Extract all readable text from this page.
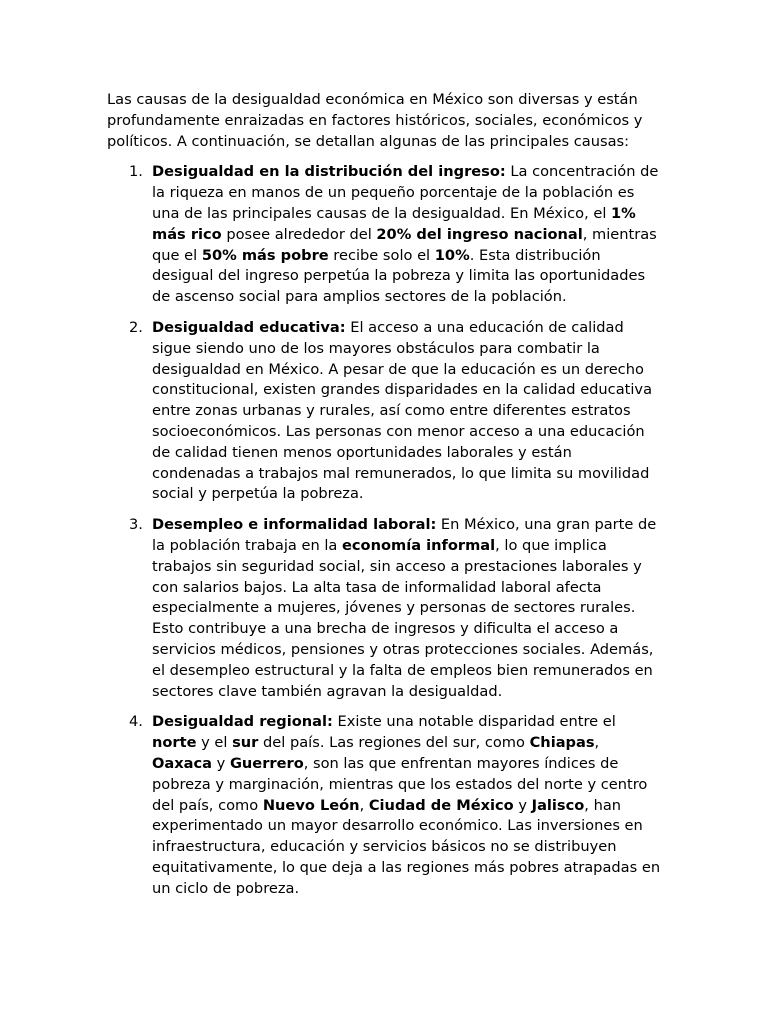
Las causas de la desigualdad económica en México son diversas y están profundamente enraizadas en factores históricos, sociales, económicos y políticos. A continuación, se detallan algunas de las principales causas:

1. Desigualdad en la distribución del ingreso: La concentración de la riqueza en manos de un pequeño porcentaje de la población es una de las principales causas de la desigualdad. En México, el 1% más rico posee alrededor del 20% del ingreso nacional, mientras que el 50% más pobre recibe solo el 10%. Esta distribución desigual del ingreso perpetúa la pobreza y limita las oportunidades de ascenso social para amplios sectores de la población.
2. Desigualdad educativa: El acceso a una educación de calidad sigue siendo uno de los mayores obstáculos para combatir la desigualdad en México. A pesar de que la educación es un derecho constitucional, existen grandes disparidades en la calidad educativa entre zonas urbanas y rurales, así como entre diferentes estratos socioeconómicos. Las personas con menor acceso a una educación de calidad tienen menos oportunidades laborales y están condenadas a trabajos mal remunerados, lo que limita su movilidad social y perpetúa la pobreza.
3. Desempleo e informalidad laboral: En México, una gran parte de la población trabaja en la economía informal, lo que implica trabajos sin seguridad social, sin acceso a prestaciones laborales y con salarios bajos. La alta tasa de informalidad laboral afecta especialmente a mujeres, jóvenes y personas de sectores rurales. Esto contribuye a una brecha de ingresos y dificulta el acceso a servicios médicos, pensiones y otras protecciones sociales. Además, el desempleo estructural y la falta de empleos bien remunerados en sectores clave también agravan la desigualdad.
4. Desigualdad regional: Existe una notable disparidad entre el norte y el sur del país. Las regiones del sur, como Chiapas, Oaxaca y Guerrero, son las que enfrentan mayores índices de pobreza y marginación, mientras que los estados del norte y centro del país, como Nuevo León, Ciudad de México y Jalisco, han experimentado un mayor desarrollo económico. Las inversiones en infraestructura, educación y servicios básicos no se distribuyen equitativamente, lo que deja a las regiones más pobres atrapadas en un ciclo de pobreza.
